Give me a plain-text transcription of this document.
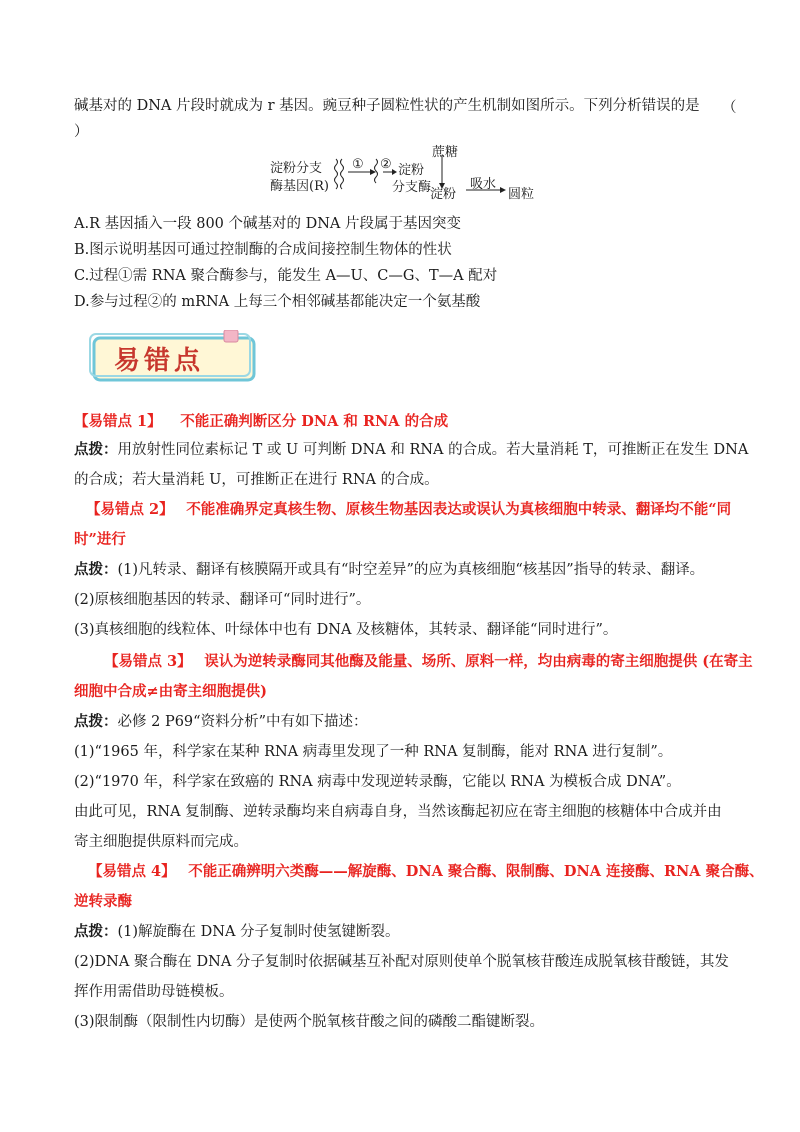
碱基对的 DNA 片段时就成为 r 基因。豌豆种子圆粒性状的产生机制如图所示。下列分析错误的是	（
）
淀粉分支
酶基因(R)
① ② 淀粉
分支酶
蔗糖
淀粉
吸水
圆粒
A.R 基因插入一段 800 个碱基对的 DNA 片段属于基因突变
B.图示说明基因可通过控制酶的合成间接控制生物体的性状
C.过程①需 RNA 聚合酶参与，能发生 A—U、C—G、T—A 配对
D.参与过程②的 mRNA 上每三个相邻碱基都能决定一个氨基酸
易错点
【易错点 1】 不能正确判断区分 DNA 和 RNA 的合成
点拨：用放射性同位素标记 T 或 U 可判断 DNA 和 RNA 的合成。若大量消耗 T，可推断正在发生 DNA
的合成；若大量消耗 U，可推断正在进行 RNA 的合成。
【易错点 2】 不能准确界定真核生物、原核生物基因表达或误认为真核细胞中转录、翻译均不能“同
时”进行
点拨：(1)凡转录、翻译有核膜隔开或具有“时空差异”的应为真核细胞“核基因”指导的转录、翻译。
(2)原核细胞基因的转录、翻译可“同时进行”。
(3)真核细胞的线粒体、叶绿体中也有 DNA 及核糖体，其转录、翻译能“同时进行”。
【易错点 3】 误认为逆转录酶同其他酶及能量、场所、原料一样，均由病毒的寄主细胞提供 (在寄主
细胞中合成≠由寄主细胞提供)
点拨：必修 2 P69“资料分析”中有如下描述：
(1)“1965 年，科学家在某种 RNA 病毒里发现了一种 RNA 复制酶，能对 RNA 进行复制”。
(2)“1970 年，科学家在致癌的 RNA 病毒中发现逆转录酶，它能以 RNA 为模板合成 DNA”。
由此可见，RNA 复制酶、逆转录酶均来自病毒自身，当然该酶起初应在寄主细胞的核糖体中合成并由
寄主细胞提供原料而完成。
【易错点 4】 不能正确辨明六类酶——解旋酶、DNA 聚合酶、限制酶、DNA 连接酶、RNA 聚合酶、
逆转录酶
点拨：(1)解旋酶在 DNA 分子复制时使氢键断裂。
(2)DNA 聚合酶在 DNA 分子复制时依据碱基互补配对原则使单个脱氧核苷酸连成脱氧核苷酸链，其发
挥作用需借助母链模板。
(3)限制酶（限制性内切酶）是使两个脱氧核苷酸之间的磷酸二酯键断裂。
